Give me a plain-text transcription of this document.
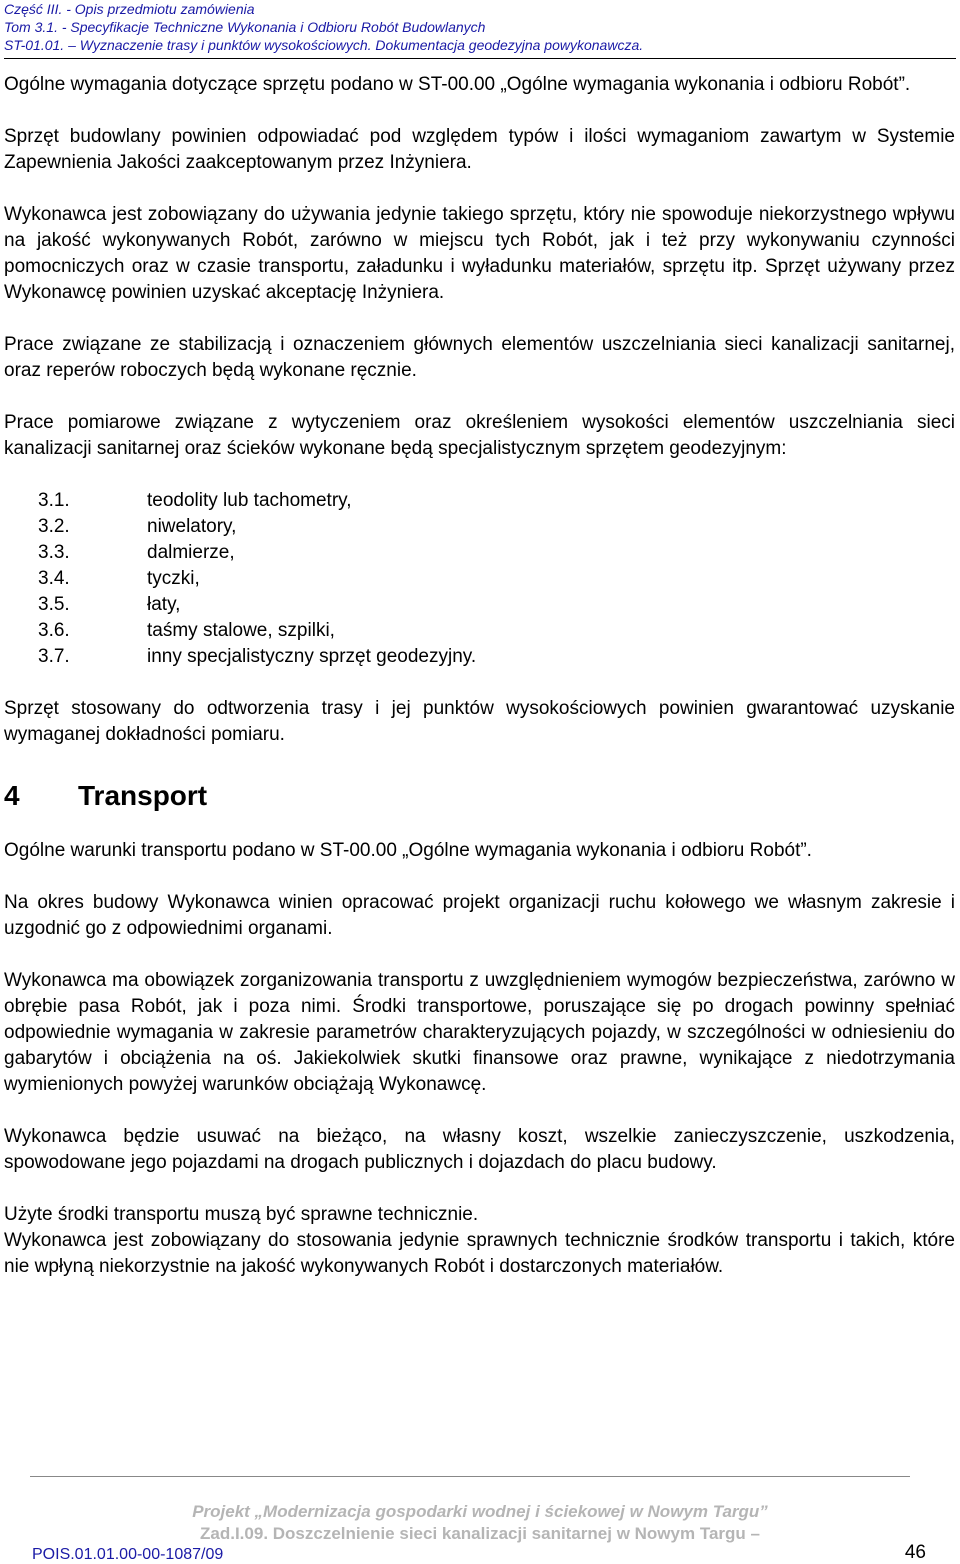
Część III. - Opis przedmiotu zamówienia
Tom 3.1. - Specyfikacje Techniczne Wykonania i Odbioru Robót Budowlanych
ST-01.01. – Wyznaczenie trasy i punktów wysokościowych. Dokumentacja geodezyjna powykonawcza.

Ogólne wymagania dotyczące sprzętu podano w ST-00.00 „Ogólne wymagania wykonania i odbioru Robót”.

Sprzęt budowlany powinien odpowiadać pod względem typów i ilości wymaganiom zawartym w Systemie Zapewnienia Jakości zaakceptowanym przez Inżyniera.

Wykonawca jest zobowiązany do używania jedynie takiego sprzętu, który nie spowoduje niekorzystnego wpływu na jakość wykonywanych Robót, zarówno w miejscu tych Robót, jak i też przy wykonywaniu czynności pomocniczych oraz w czasie transportu, załadunku i wyładunku materiałów, sprzętu itp. Sprzęt używany przez Wykonawcę powinien uzyskać akceptację Inżyniera.

Prace związane ze stabilizacją i oznaczeniem głównych elementów uszczelniania sieci kanalizacji sanitarnej, oraz reperów roboczych będą wykonane ręcznie.

Prace pomiarowe związane z wytyczeniem oraz określeniem wysokości elementów uszczelniania sieci kanalizacji sanitarnej oraz ścieków wykonane będą specjalistycznym sprzętem geodezyjnym:

3.1.	teodolity lub tachometry,
3.2.	niwelatory,
3.3.	dalmierze,
3.4.	tyczki,
3.5.	łaty,
3.6.	taśmy stalowe, szpilki,
3.7.	inny specjalistyczny sprzęt geodezyjny.

Sprzęt stosowany do odtworzenia trasy i jej punktów wysokościowych powinien gwarantować uzyskanie wymaganej dokładności pomiaru.

4 Transport

Ogólne warunki transportu podano w ST-00.00 „Ogólne wymagania wykonania i odbioru Robót”.

Na okres budowy Wykonawca winien opracować projekt organizacji ruchu kołowego we własnym zakresie i uzgodnić go z odpowiednimi organami.

Wykonawca ma obowiązek zorganizowania transportu z uwzględnieniem wymogów bezpieczeństwa, zarówno w obrębie pasa Robót, jak i poza nimi. Środki transportowe, poruszające się po drogach powinny spełniać odpowiednie wymagania w zakresie parametrów charakteryzujących pojazdy, w szczególności w odniesieniu do gabarytów i obciążenia na oś. Jakiekolwiek skutki finansowe oraz prawne, wynikające z niedotrzymania wymienionych powyżej warunków obciążają Wykonawcę.

Wykonawca będzie usuwać na bieżąco, na własny koszt, wszelkie zanieczyszczenie, uszkodzenia, spowodowane jego pojazdami na drogach publicznych i dojazdach do placu budowy.

Użyte środki transportu muszą być sprawne technicznie.

Wykonawca jest zobowiązany do stosowania jedynie sprawnych technicznie środków transportu i takich, które nie wpłyną niekorzystnie na jakość wykonywanych Robót i dostarczonych materiałów.

Projekt „Modernizacja gospodarki wodnej i ściekowej w Nowym Targu”
Zad.I.09. Doszczelnienie sieci kanalizacji sanitarnej w Nowym Targu –
POIS.01.01.00-00-1087/09	46
